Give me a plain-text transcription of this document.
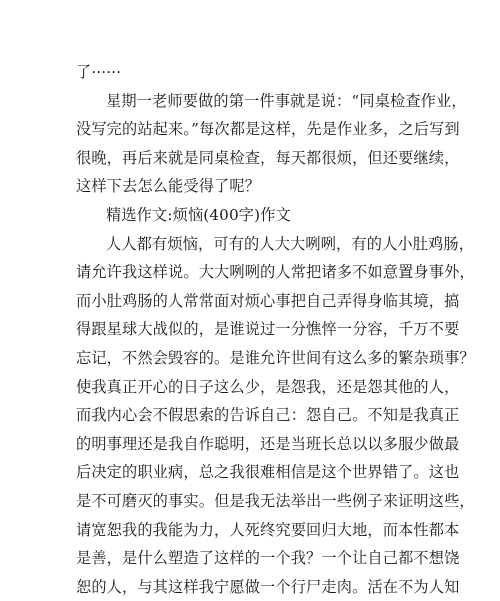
了······
星期一老师要做的第一件事就是说：“同桌检查作业，
没写完的站起来。”每次都是这样，先是作业多，之后写到
很晚，再后来就是同桌检查，每天都很烦，但还要继续，
这样下去怎么能受得了呢？
精选作文:烦恼(400字)作文
人人都有烦恼，可有的人大大咧咧，有的人小肚鸡肠，
请允许我这样说。大大咧咧的人常把诸多不如意置身事外，
而小肚鸡肠的人常常面对烦心事把自己弄得身临其境，搞
得跟星球大战似的，是谁说过一分憔悴一分容，千万不要
忘记，不然会毁容的。是谁允许世间有这么多的繁杂琐事？
使我真正开心的日子这么少，是怨我，还是怨其他的人，
而我内心会不假思索的告诉自己：怨自己。不知是我真正
的明事理还是我自作聪明，还是当班长总以以多服少做最
后决定的职业病，总之我很难相信是这个世界错了。这也
是不可磨灭的事实。但是我无法举出一些例子来证明这些，
请宽恕我的我能为力，人死终究要回归大地，而本性都本
是善，是什么塑造了这样的一个我？一个让自己都不想饶
恕的人，与其这样我宁愿做一个行尸走肉。活在不为人知
